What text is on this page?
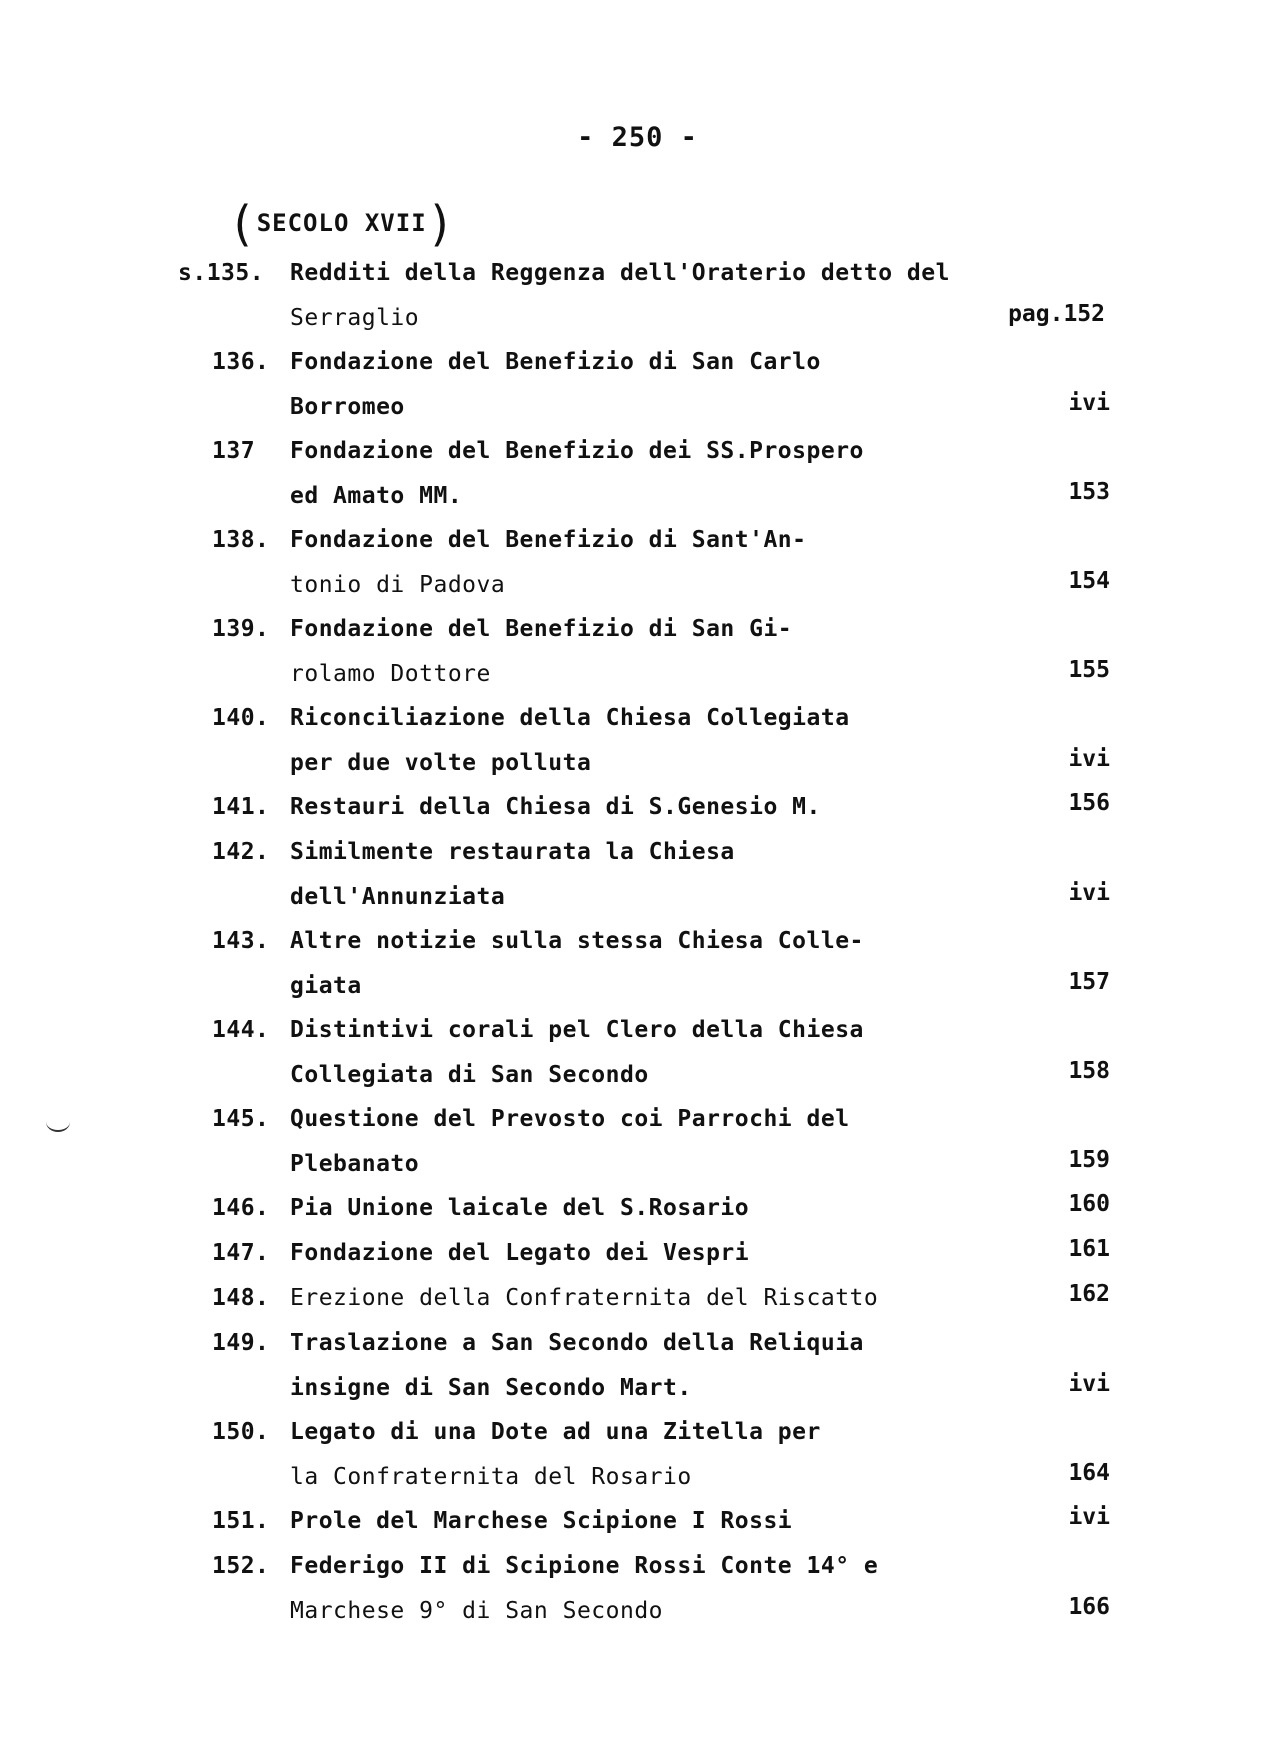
- 250 -
(SECOLO XVII)
s.135. Redditi della Reggenza dell'Oraterio detto del
Serraglio	pag.152
136. Fondazione del Benefizio di San Carlo
Borromeo	ivi
137 Fondazione del Benefizio dei SS.Prospero
ed Amato MM.	153
138. Fondazione del Benefizio di Sant'An-
tonio di Padova	154
139. Fondazione del Benefizio di San Gi-
rolamo Dottore	155
140. Riconciliazione della Chiesa Collegiata
per due volte polluta	ivi
141. Restauri della Chiesa di S.Genesio M.	156
142. Similmente restaurata la Chiesa
dell'Annunziata	ivi
143. Altre notizie sulla stessa Chiesa Colle-
giata	157
144. Distintivi corali pel Clero della Chiesa
Collegiata di San Secondo	158
145. Questione del Prevosto coi Parrochi del
Plebanato	159
146. Pia Unione laicale del S.Rosario	160
147. Fondazione del Legato dei Vespri	161
148. Erezione della Confraternita del Riscatto	162
149. Traslazione a San Secondo della Reliquia
insigne di San Secondo Mart.	ivi
150. Legato di una Dote ad una Zitella per
la Confraternita del Rosario	164
151. Prole del Marchese Scipione I Rossi	ivi
152. Federigo II di Scipione Rossi Conte 14° e
Marchese 9° di San Secondo	166
